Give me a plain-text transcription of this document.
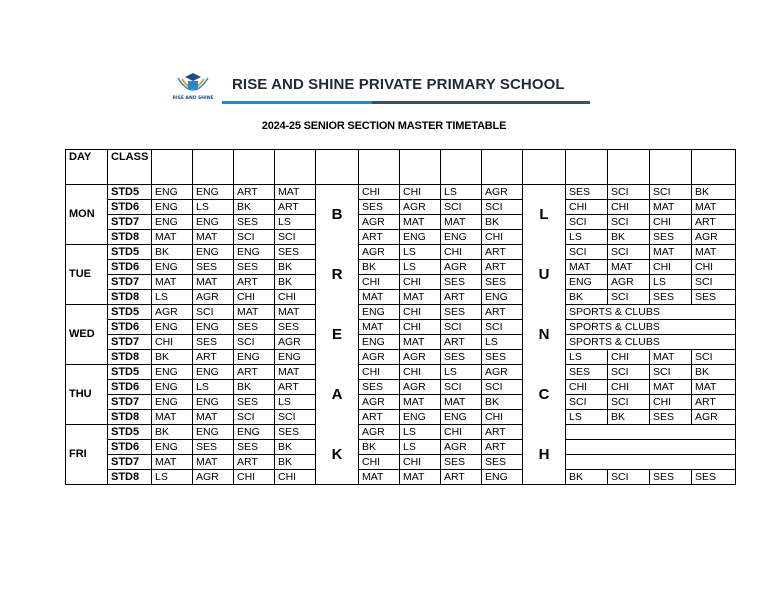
RISE AND SHINE
RISE AND SHINE PRIVATE PRIMARY SCHOOL
2024-25 SENIOR SECTION MASTER TIMETABLE
DAY	CLASS														
MON	STD5	ENG	ENG	ART	MAT	B	CHI	CHI	LS	AGR	L	SES	SCI	SCI	BK
	STD6	ENG	LS	BK	ART		SES	AGR	SCI	SCI		CHI	CHI	MAT	MAT
	STD7	ENG	ENG	SES	LS		AGR	MAT	MAT	BK		SCI	SCI	CHI	ART
	STD8	MAT	MAT	SCI	SCI		ART	ENG	ENG	CHI		LS	BK	SES	AGR
TUE	STD5	BK	ENG	ENG	SES	R	AGR	LS	CHI	ART	U	SCI	SCI	MAT	MAT
	STD6	ENG	SES	SES	BK		BK	LS	AGR	ART		MAT	MAT	CHI	CHI
	STD7	MAT	MAT	ART	BK		CHI	CHI	SES	SES		ENG	AGR	LS	SCI
	STD8	LS	AGR	CHI	CHI		MAT	MAT	ART	ENG		BK	SCI	SES	SES
WED	STD5	AGR	SCI	MAT	MAT	E	ENG	CHI	SES	ART	N	SPORTS & CLUBS			
	STD6	ENG	ENG	SES	SES		MAT	CHI	SCI	SCI		SPORTS & CLUBS			
	STD7	CHI	SES	SCI	AGR		ENG	MAT	ART	LS		SPORTS & CLUBS			
	STD8	BK	ART	ENG	ENG		AGR	AGR	SES	SES		LS	CHI	MAT	SCI
THU	STD5	ENG	ENG	ART	MAT	A	CHI	CHI	LS	AGR	C	SES	SCI	SCI	BK
	STD6	ENG	LS	BK	ART		SES	AGR	SCI	SCI		CHI	CHI	MAT	MAT
	STD7	ENG	ENG	SES	LS		AGR	MAT	MAT	BK		SCI	SCI	CHI	ART
	STD8	MAT	MAT	SCI	SCI		ART	ENG	ENG	CHI		LS	BK	SES	AGR
FRI	STD5	BK	ENG	ENG	SES	K	AGR	LS	CHI	ART	H				
	STD6	ENG	SES	SES	BK		BK	LS	AGR	ART					
	STD7	MAT	MAT	ART	BK		CHI	CHI	SES	SES					
	STD8	LS	AGR	CHI	CHI		MAT	MAT	ART	ENG		BK	SCI	SES	SES
